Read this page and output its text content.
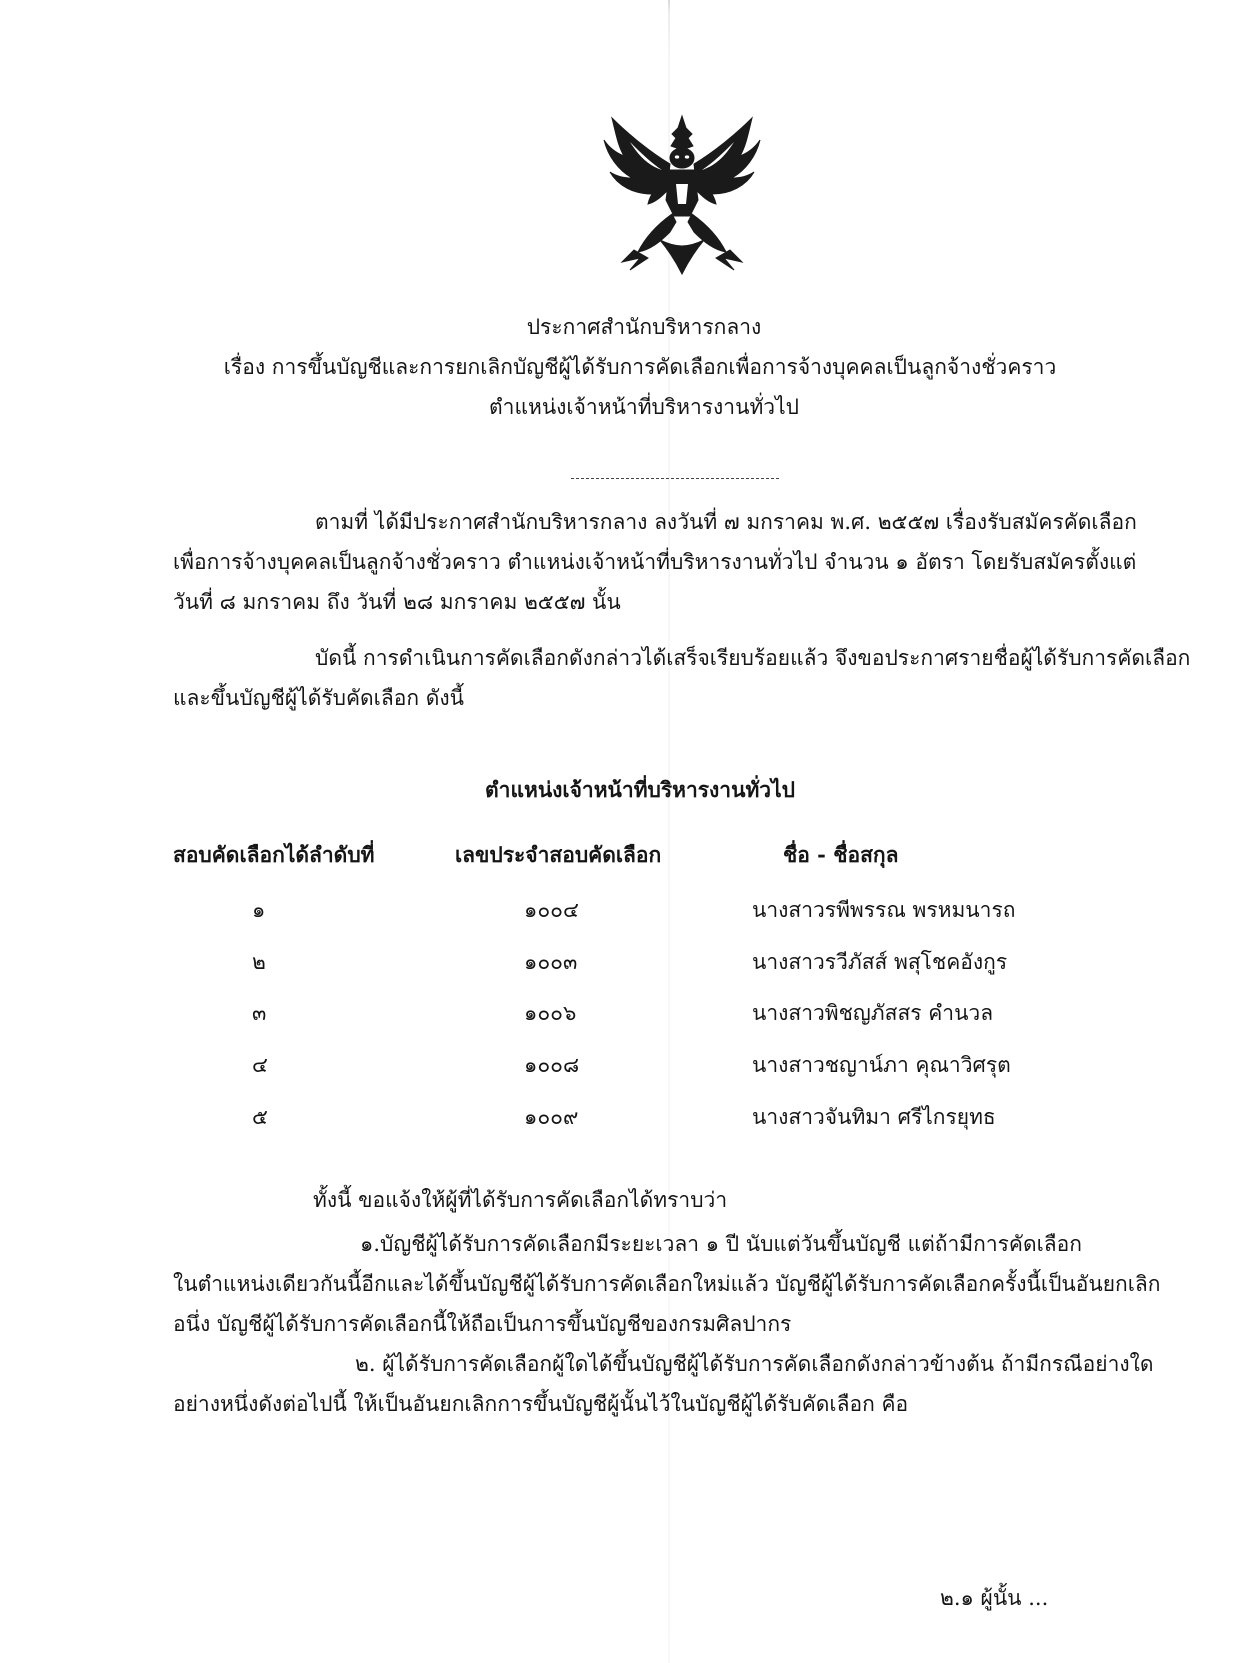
ประกาศสำนักบริหารกลาง
เรื่อง การขึ้นบัญชีและการยกเลิกบัญชีผู้ได้รับการคัดเลือกเพื่อการจ้างบุคคลเป็นลูกจ้างชั่วคราว
ตำแหน่งเจ้าหน้าที่บริหารงานทั่วไป
ตามที่ ได้มีประกาศสำนักบริหารกลาง ลงวันที่ ๗ มกราคม พ.ศ. ๒๕๕๗ เรื่องรับสมัครคัดเลือก
เพื่อการจ้างบุคคลเป็นลูกจ้างชั่วคราว ตำแหน่งเจ้าหน้าที่บริหารงานทั่วไป จำนวน ๑ อัตรา โดยรับสมัครตั้งแต่
วันที่ ๘ มกราคม ถึง วันที่ ๒๘ มกราคม ๒๕๕๗ นั้น
บัดนี้ การดำเนินการคัดเลือกดังกล่าวได้เสร็จเรียบร้อยแล้ว จึงขอประกาศรายชื่อผู้ได้รับการคัดเลือก
และขึ้นบัญชีผู้ได้รับคัดเลือก ดังนี้
ตำแหน่งเจ้าหน้าที่บริหารงานทั่วไป
สอบคัดเลือกได้ลำดับที่	เลขประจำสอบคัดเลือก	ชื่อ - ชื่อสกุล
๑	๑๐๐๔	นางสาวรพีพรรณ พรหมนารถ
๒	๑๐๐๓	นางสาวรวีภัสส์ พสุโชคอังกูร
๓	๑๐๐๖	นางสาวพิชญภัสสร คำนวล
๔	๑๐๐๘	นางสาวชญาน์ภา คุณาวิศรุต
๕	๑๐๐๙	นางสาวจันทิมา ศรีไกรยุทธ
ทั้งนี้ ขอแจ้งให้ผู้ที่ได้รับการคัดเลือกได้ทราบว่า
๑.บัญชีผู้ได้รับการคัดเลือกมีระยะเวลา ๑ ปี นับแต่วันขึ้นบัญชี แต่ถ้ามีการคัดเลือก
ในตำแหน่งเดียวกันนี้อีกและได้ขึ้นบัญชีผู้ได้รับการคัดเลือกใหม่แล้ว บัญชีผู้ได้รับการคัดเลือกครั้งนี้เป็นอันยกเลิก
อนึ่ง บัญชีผู้ได้รับการคัดเลือกนี้ให้ถือเป็นการขึ้นบัญชีของกรมศิลปากร
๒. ผู้ได้รับการคัดเลือกผู้ใดได้ขึ้นบัญชีผู้ได้รับการคัดเลือกดังกล่าวข้างต้น ถ้ามีกรณีอย่างใด
อย่างหนึ่งดังต่อไปนี้ ให้เป็นอันยกเลิกการขึ้นบัญชีผู้นั้นไว้ในบัญชีผู้ได้รับคัดเลือก คือ
๒.๑ ผู้นั้น ...
